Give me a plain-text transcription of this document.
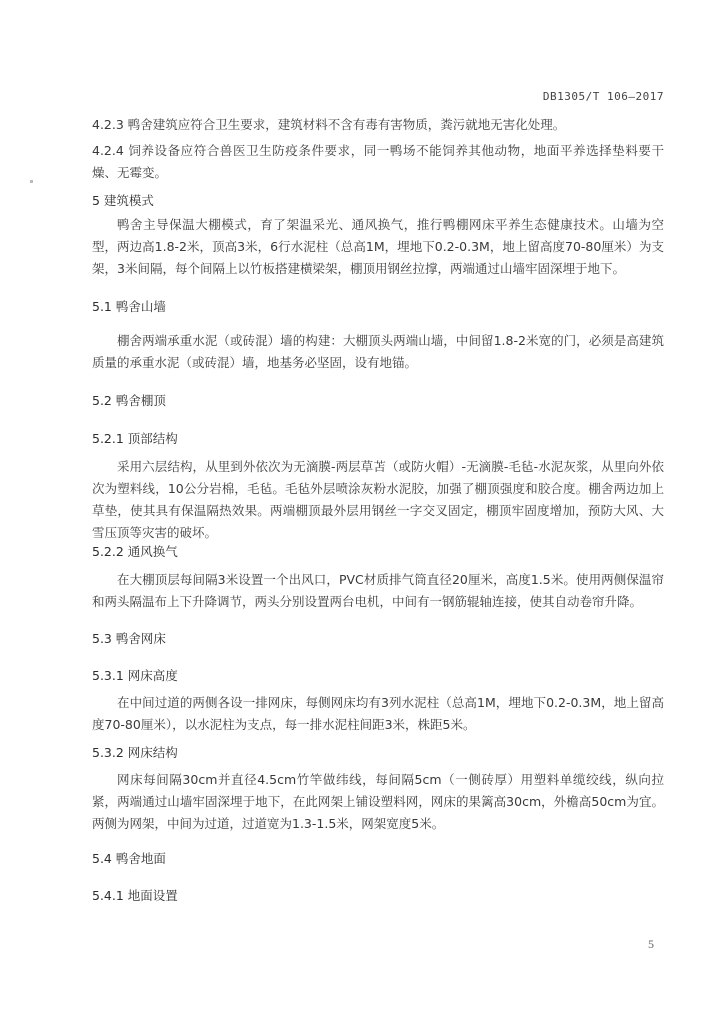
DB1305/T 106—2017

4.2.3 鸭舍建筑应符合卫生要求，建筑材料不含有毒有害物质，粪污就地无害化处理。

4.2.4 饲养设备应符合兽医卫生防疫条件要求，同一鸭场不能饲养其他动物，地面平养选择垫料要干燥、无霉变。

5 建筑模式

鸭舍主导保温大棚模式，育了架温采光、通风换气，推行鸭棚网床平养生态健康技术。山墙为空型，两边高1.8-2米，顶高3米，6行水泥柱（总高1M，埋地下0.2-0.3M，地上留高度70-80厘米）为支架，3米间隔，每个间隔上以竹板搭建横梁架，棚顶用钢丝拉撑，两端通过山墙牢固深埋于地下。

5.1 鸭舍山墙

棚舍两端承重水泥（或砖混）墙的构建：大棚顶头两端山墙，中间留1.8-2米宽的门，必须是高建筑质量的承重水泥（或砖混）墙，地基务必坚固，设有地锚。

5.2 鸭舍棚顶

5.2.1 顶部结构

采用六层结构，从里到外依次为无滴膜-两层草苫（或防火帽）-无滴膜-毛毡-水泥灰浆，从里向外依次为塑料线，10公分岩棉，毛毡。毛毡外层喷涂灰粉水泥胶，加强了棚顶强度和胶合度。棚舍两边加上草垫，使其具有保温隔热效果。两端棚顶最外层用钢丝一字交叉固定，棚顶牢固度增加，预防大风、大雪压顶等灾害的破坏。

5.2.2 通风换气

在大棚顶层每间隔3米设置一个出风口，PVC材质排气筒直径20厘米，高度1.5米。使用两侧保温帘和两头隔温布上下升降调节，两头分别设置两台电机，中间有一钢筋辊轴连接，使其自动卷帘升降。

5.3 鸭舍网床

5.3.1 网床高度

在中间过道的两侧各设一排网床，每侧网床均有3列水泥柱（总高1M，埋地下0.2-0.3M，地上留高度70-80厘米），以水泥柱为支点，每一排水泥柱间距3米，株距5米。

5.3.2 网床结构

网床每间隔30cm并直径4.5cm竹竿做纬线，每间隔5cm（一侧砖厚）用塑料单缆绞线，纵向拉紧，两端通过山墙牢固深埋于地下，在此网架上铺设塑料网，网床的果篱高30cm，外檐高50cm为宜。两侧为网架，中间为过道，过道宽为1.3-1.5米，网架宽度5米。

5.4 鸭舍地面

5.4.1 地面设置

5
